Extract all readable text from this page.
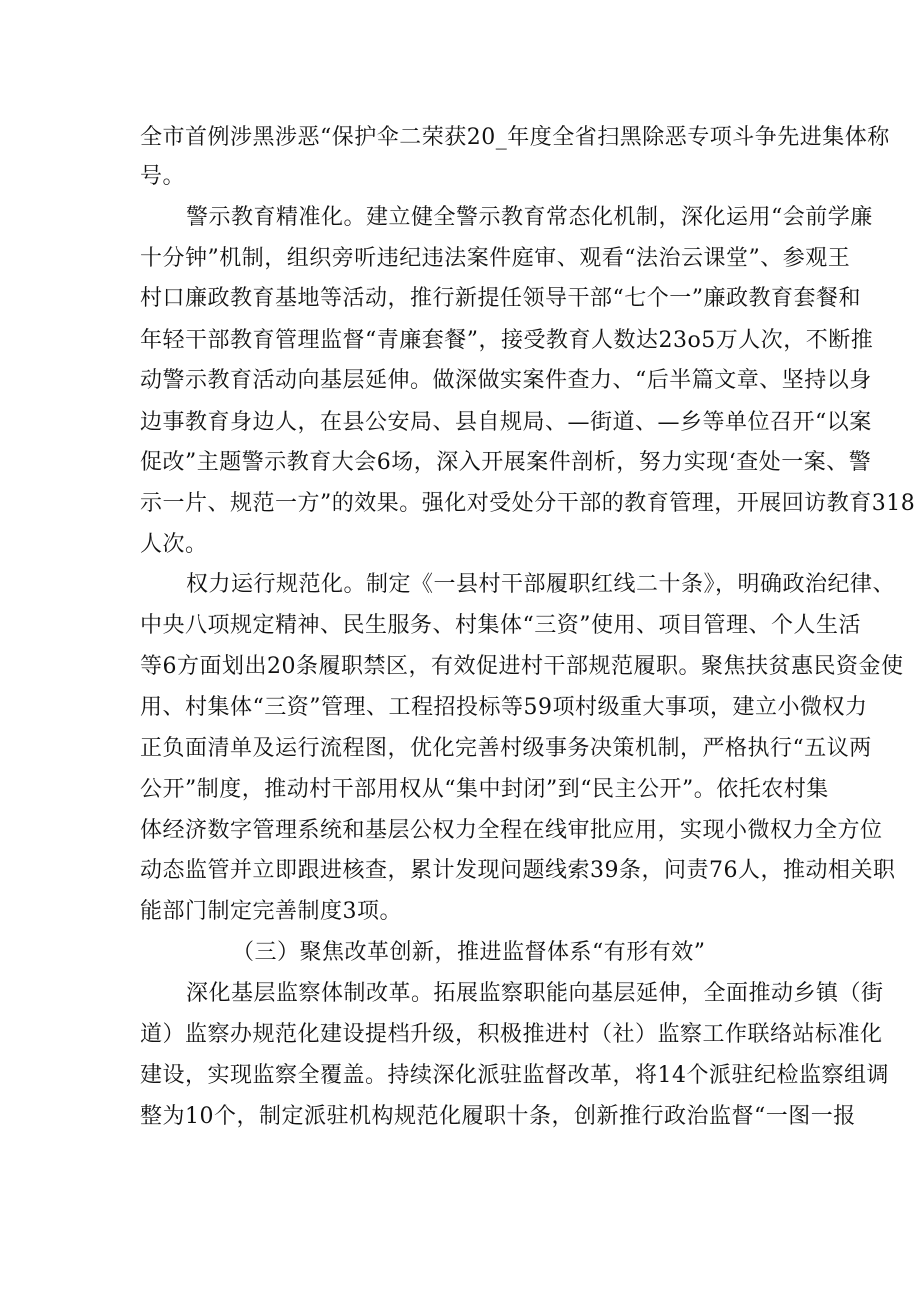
全市首例涉黑涉恶“保护伞二荣获20_年度全省扫黑除恶专项斗争先进集体称
号。
警示教育精准化。建立健全警示教育常态化机制，深化运用“会前学廉
十分钟”机制，组织旁听违纪违法案件庭审、观看“法治云课堂”、参观王
村口廉政教育基地等活动，推行新提任领导干部“七个一”廉政教育套餐和
年轻干部教育管理监督“青廉套餐”，接受教育人数达23o5万人次，不断推
动警示教育活动向基层延伸。做深做实案件查力、“后半篇文章、坚持以身
边事教育身边人，在县公安局、县自规局、—街道、—乡等单位召开“以案
促改”主题警示教育大会6场，深入开展案件剖析，努力实现‘查处一案、警
示一片、规范一方”的效果。强化对受处分干部的教育管理，开展回访教育318
人次。
权力运行规范化。制定《一县村干部履职红线二十条》，明确政治纪律、
中央八项规定精神、民生服务、村集体“三资”使用、项目管理、个人生活
等6方面划出20条履职禁区，有效促进村干部规范履职。聚焦扶贫惠民资金使
用、村集体“三资”管理、工程招投标等59项村级重大事项，建立小微权力
正负面清单及运行流程图，优化完善村级事务决策机制，严格执行“五议两
公开”制度，推动村干部用权从“集中封闭”到“民主公开”。依托农村集
体经济数字管理系统和基层公权力全程在线审批应用，实现小微权力全方位
动态监管并立即跟进核查，累计发现问题线索39条，问责76人，推动相关职
能部门制定完善制度3项。
（三）聚焦改革创新，推进监督体系“有形有效”
深化基层监察体制改革。拓展监察职能向基层延伸，全面推动乡镇（街
道）监察办规范化建设提档升级，积极推进村（社）监察工作联络站标准化
建设，实现监察全覆盖。持续深化派驻监督改革，将14个派驻纪检监察组调
整为10个，制定派驻机构规范化履职十条，创新推行政治监督“一图一报
